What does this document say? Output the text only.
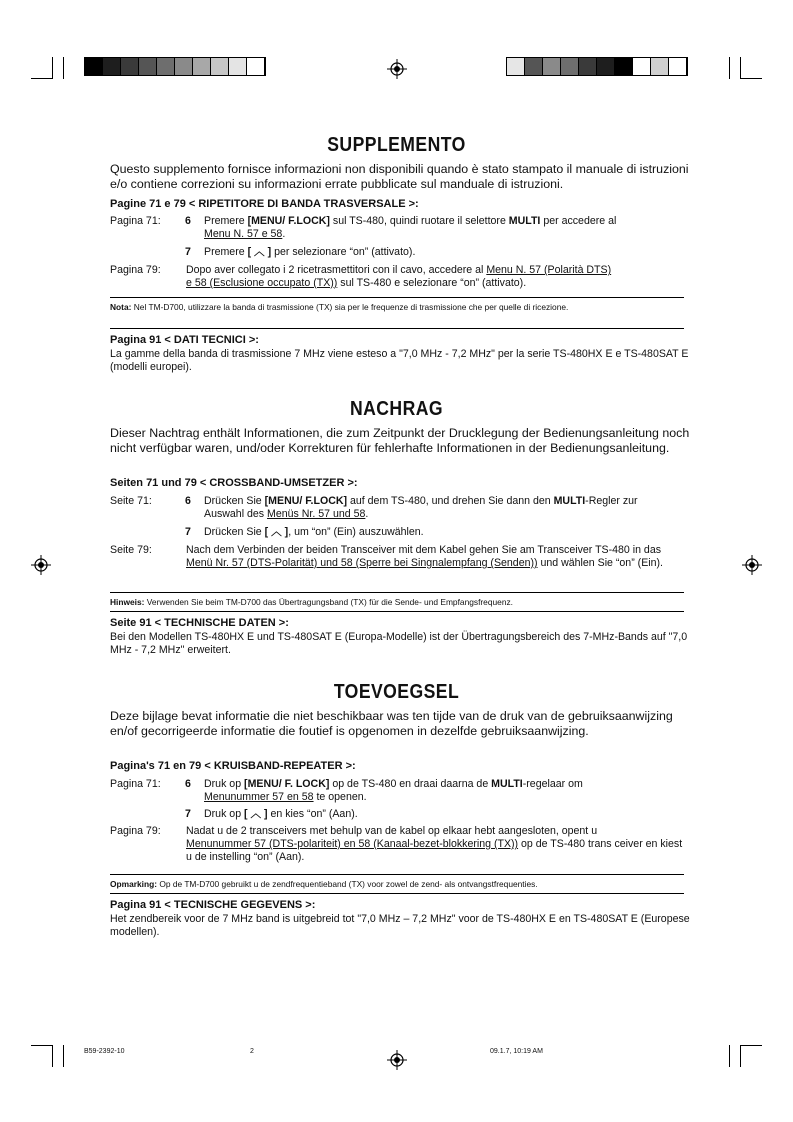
SUPPLEMENTO
Questo supplemento fornisce informazioni non disponibili quando è stato stampato il manuale di istruzioni e/o contiene correzioni su informazioni errate pubblicate sul manduale di istruzioni.
Pagine 71 e 79 < RIPETITORE DI BANDA TRASVERSALE >:
Pagina 71: 6 Premere [MENU/ F.LOCK] sul TS-480, quindi ruotare il selettore MULTI per accedere al
Menu N. 57 e 58.
7 Premere [ ︿ ] per selezionare “on” (attivato).
Pagina 79: Dopo aver collegato i 2 ricetrasmettitori con il cavo, accedere al Menu N. 57 (Polarità DTS)
e 58 (Esclusione occupato (TX)) sul TS-480 e selezionare “on” (attivato).
Nota: Nel TM-D700, utilizzare la banda di trasmissione (TX) sia per le frequenze di trasmissione che per quelle di ricezione.
Pagina 91 < DATI TECNICI >:
La gamme della banda di trasmissione 7 MHz viene esteso a "7,0 MHz - 7,2 MHz" per la serie TS-480HX E e TS-480SAT E (modelli europei).
NACHRAG
Dieser Nachtrag enthält Informationen, die zum Zeitpunkt der Drucklegung der Bedienungsanleitung noch nicht verfügbar waren, und/oder Korrekturen für fehlerhafte Informationen in der Bedienungsanleitung.
Seiten 71 und 79 < CROSSBAND-UMSETZER >:
Seite 71:	6 Drücken Sie [MENU/ F.LOCK] auf dem TS-480, und drehen Sie dann den MULTI-Regler zur
Auswahl des Menüs Nr. 57 und 58.
7 Drücken Sie [ ︿ ], um “on” (Ein) auszuwählen.
Seite 79:	Nach dem Verbinden der beiden Transceiver mit dem Kabel gehen Sie am Transceiver TS-480 in das Menü Nr. 57 (DTS-Polarität) und 58 (Sperre bei Singnalempfang (Senden)) und wählen Sie “on” (Ein).
Hinweis: Verwenden Sie beim TM-D700 das Übertragungsband (TX) für die Sende- und Empfangsfrequenz.
Seite 91 < TECHNISCHE DATEN >:
Bei den Modellen TS-480HX E und TS-480SAT E (Europa-Modelle) ist der Übertragungsbereich des 7-MHz-Bands auf "7,0 MHz - 7,2 MHz" erweitert.
TOEVOEGSEL
Deze bijlage bevat informatie die niet beschikbaar was ten tijde van de druk van de gebruiksaanwijzing en/of gecorrigeerde informatie die foutief is opgenomen in dezelfde gebruiksaanwijzing.
Pagina's 71 en 79 < KRUISBAND-REPEATER >:
Pagina 71: 6 Druk op [MENU/ F. LOCK] op de TS-480 en draai daarna de MULTI-regelaar om
Menunummer 57 en 58 te openen.
7 Druk op [ ︿ ] en kies “on” (Aan).
Pagina 79: Nadat u de 2 transceivers met behulp van de kabel op elkaar hebt aangesloten, opent u
Menunummer 57 (DTS-polariteit) en 58 (Kanaal-bezet-blokkering (TX)) op de TS-480 trans ceiver en kiest u de instelling “on” (Aan).
Opmarking: Op de TM-D700 gebruikt u de zendfrequentieband (TX) voor zowel de zend- als ontvangstfrequenties.
Pagina 91 < TECNISCHE GEGEVENS >:
Het zendbereik voor de 7 MHz band is uitgebreid tot "7,0 MHz – 7,2 MHz" voor de TS-480HX E en TS-480SAT E (Europese modellen).
B59-2392-10	2	09.1.7, 10:19 AM
